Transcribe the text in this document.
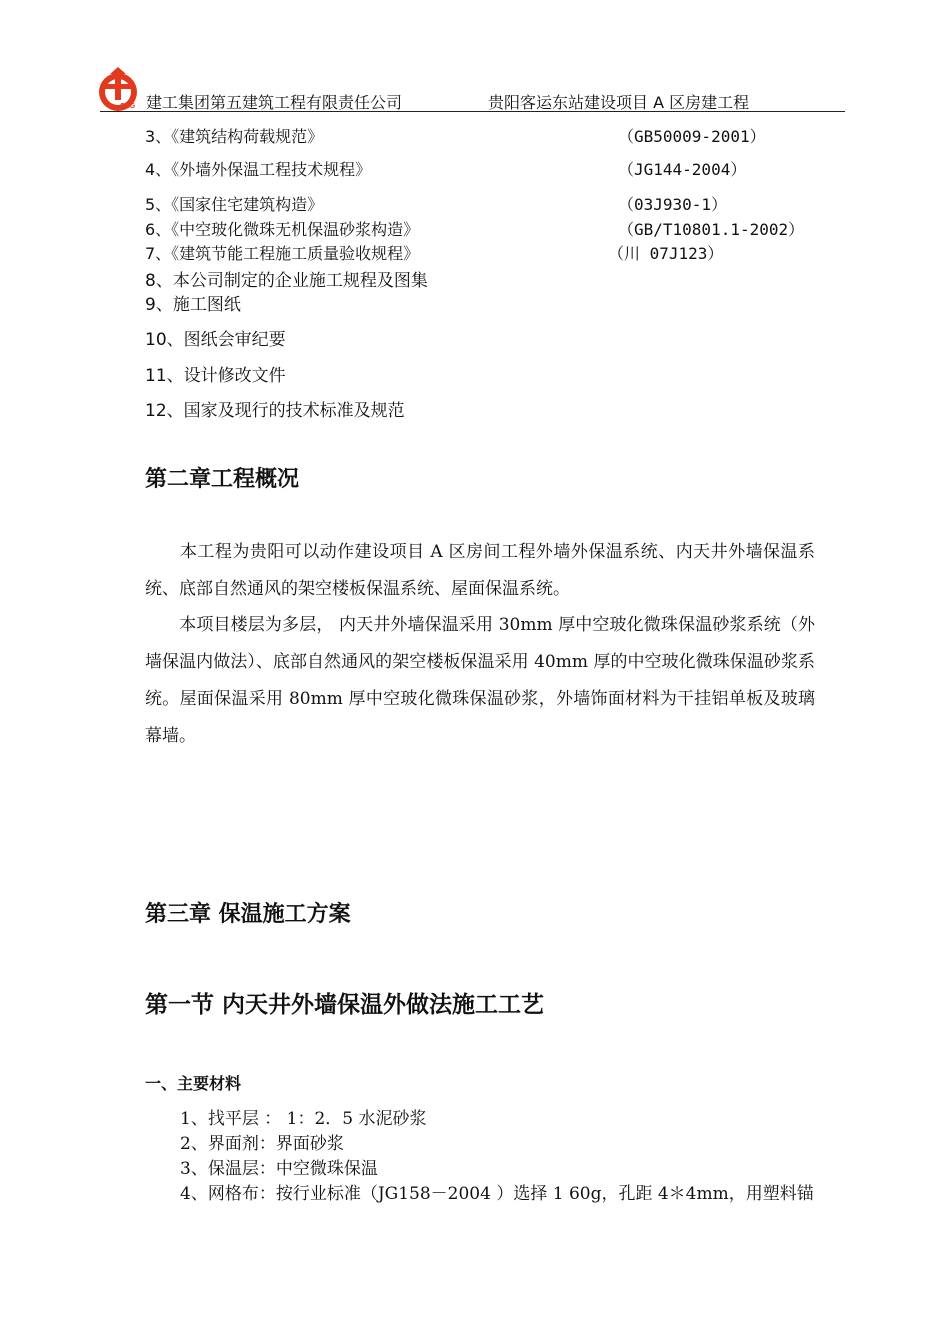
CEG 建工集团第五建筑工程有限责任公司	贵阳客运东站建设项目 A 区房建工程
3、《建筑结构荷载规范》	（GB50009-2001）
4、《外墙外保温工程技术规程》	（JG144-2004）
5、《国家住宅建筑构造》	（03J930-1）
6、《中空玻化微珠无机保温砂浆构造》	（GB/T10801.1-2002）
7、《建筑节能工程施工质量验收规程》	（川 07J123）
8、本公司制定的企业施工规程及图集
9、施工图纸
10、图纸会审纪要
11、设计修改文件
12、国家及现行的技术标准及规范
第二章工程概况
　　本工程为贵阳可以动作建设项目 A 区房间工程外墙外保温系统、内天井外墙保温系统、底部自然通风的架空楼板保温系统、屋面保温系统。
　　本项目楼层为多层， 内天井外墙保温采用 30mm 厚中空玻化微珠保温砂浆系统（外墙保温内做法）、底部自然通风的架空楼板保温采用 40mm 厚的中空玻化微珠保温砂浆系统。屋面保温采用 80mm 厚中空玻化微珠保温砂浆，外墙饰面材料为干挂铝单板及玻璃幕墙。
第三章 保温施工方案
第一节 内天井外墙保温外做法施工工艺
一、主要材料
1、找平层 ： 1：2．5 水泥砂浆
2、界面剂：界面砂浆
3、保温层：中空微珠保温
4、网格布：按行业标准（JG158－2004 ）选择 1 60g，孔距 4＊4mm，用塑料锚
